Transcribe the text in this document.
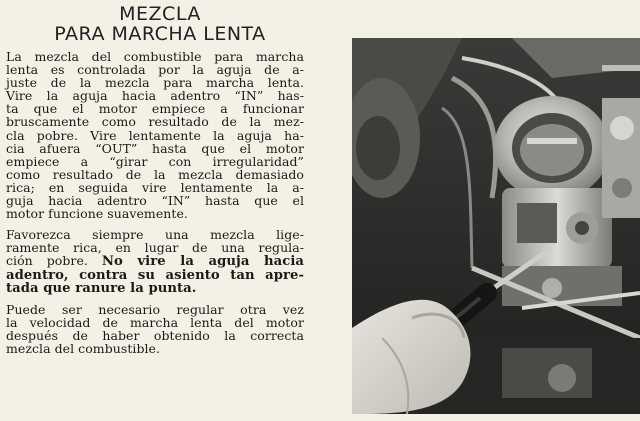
MEZCLA
PARA MARCHA LENTA
La mezcla del combustible para marcha
lenta es controlada por la aguja de a-
juste de la mezcla para marcha lenta.
Vire la aguja hacia adentro “IN” has-
ta que el motor empiece a funcionar
bruscamente como resultado de la mez-
cla pobre. Vire lentamente la aguja ha-
cia afuera “OUT” hasta que el motor
empiece a “girar con irregularidad”
como resultado de la mezcla demasiado
rica; en seguida vire lentamente la a-
guja hacia adentro “IN” hasta que el
motor funcione suavemente.
Favorezca siempre una mezcla lige-
ramente rica, en lugar de una regula-
ción pobre. No vire la aguja hacia
adentro, contra su asiento tan apre-
tada que ranure la punta.
Puede ser necesario regular otra vez
la velocidad de marcha lenta del motor
después de haber obtenido la correcta
mezcla del combustible.
